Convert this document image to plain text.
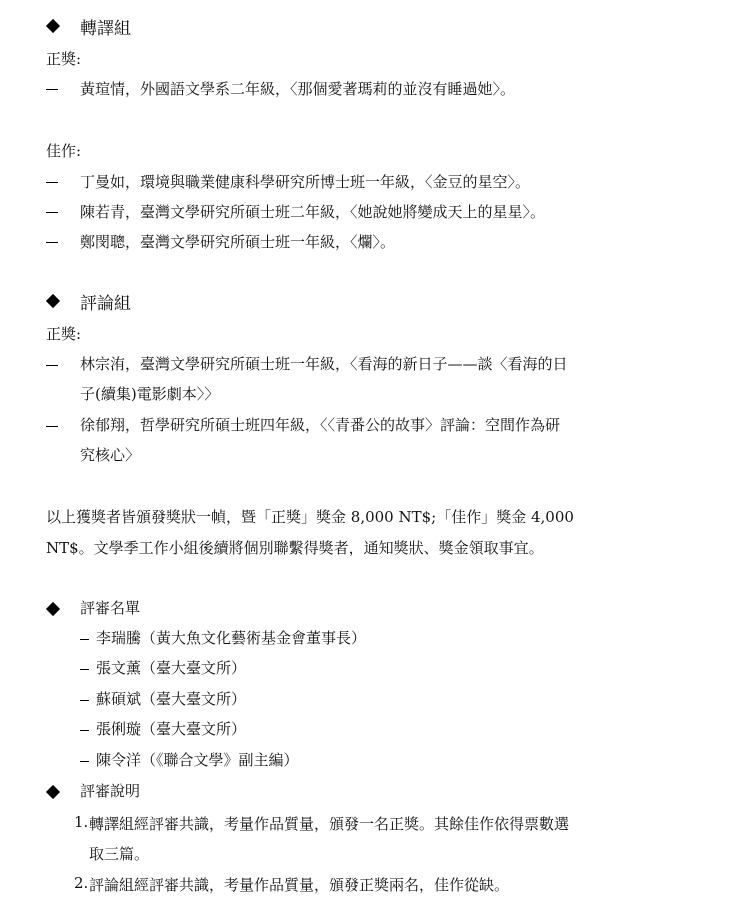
轉譯組
正獎:
黃瑄情，外國語文學系二年級，〈那個愛著瑪莉的並沒有睡過她〉。
佳作:
丁曼如，環境與職業健康科學研究所博士班一年級，〈金豆的星空〉。
陳若青，臺灣文學研究所碩士班二年級，〈她說她將變成天上的星星〉。
鄭閔聰，臺灣文學研究所碩士班一年級，〈爛〉。
評論組
正獎:
林宗洧，臺灣文學研究所碩士班一年級，〈看海的新日子——談〈看海的日
子(續集)電影劇本〉〉
徐郁翔，哲學研究所碩士班四年級，〈〈青番公的故事〉評論：空間作為研
究核心〉
以上獲獎者皆頒發獎狀一幀，暨「正獎」獎金 8,000 NT$;「佳作」獎金 4,000
NT$。文學季工作小組後續將個別聯繫得獎者，通知獎狀、獎金領取事宜。
評審名單
李瑞騰（黃大魚文化藝術基金會董事長）
張文薰（臺大臺文所）
蘇碩斌（臺大臺文所）
張俐璇（臺大臺文所）
陳令洋（《聯合文學》副主編）
評審說明
1. 轉譯組經評審共識，考量作品質量，頒發一名正獎。其餘佳作依得票數選
取三篇。
2. 評論組經評審共識，考量作品質量，頒發正獎兩名，佳作從缺。
